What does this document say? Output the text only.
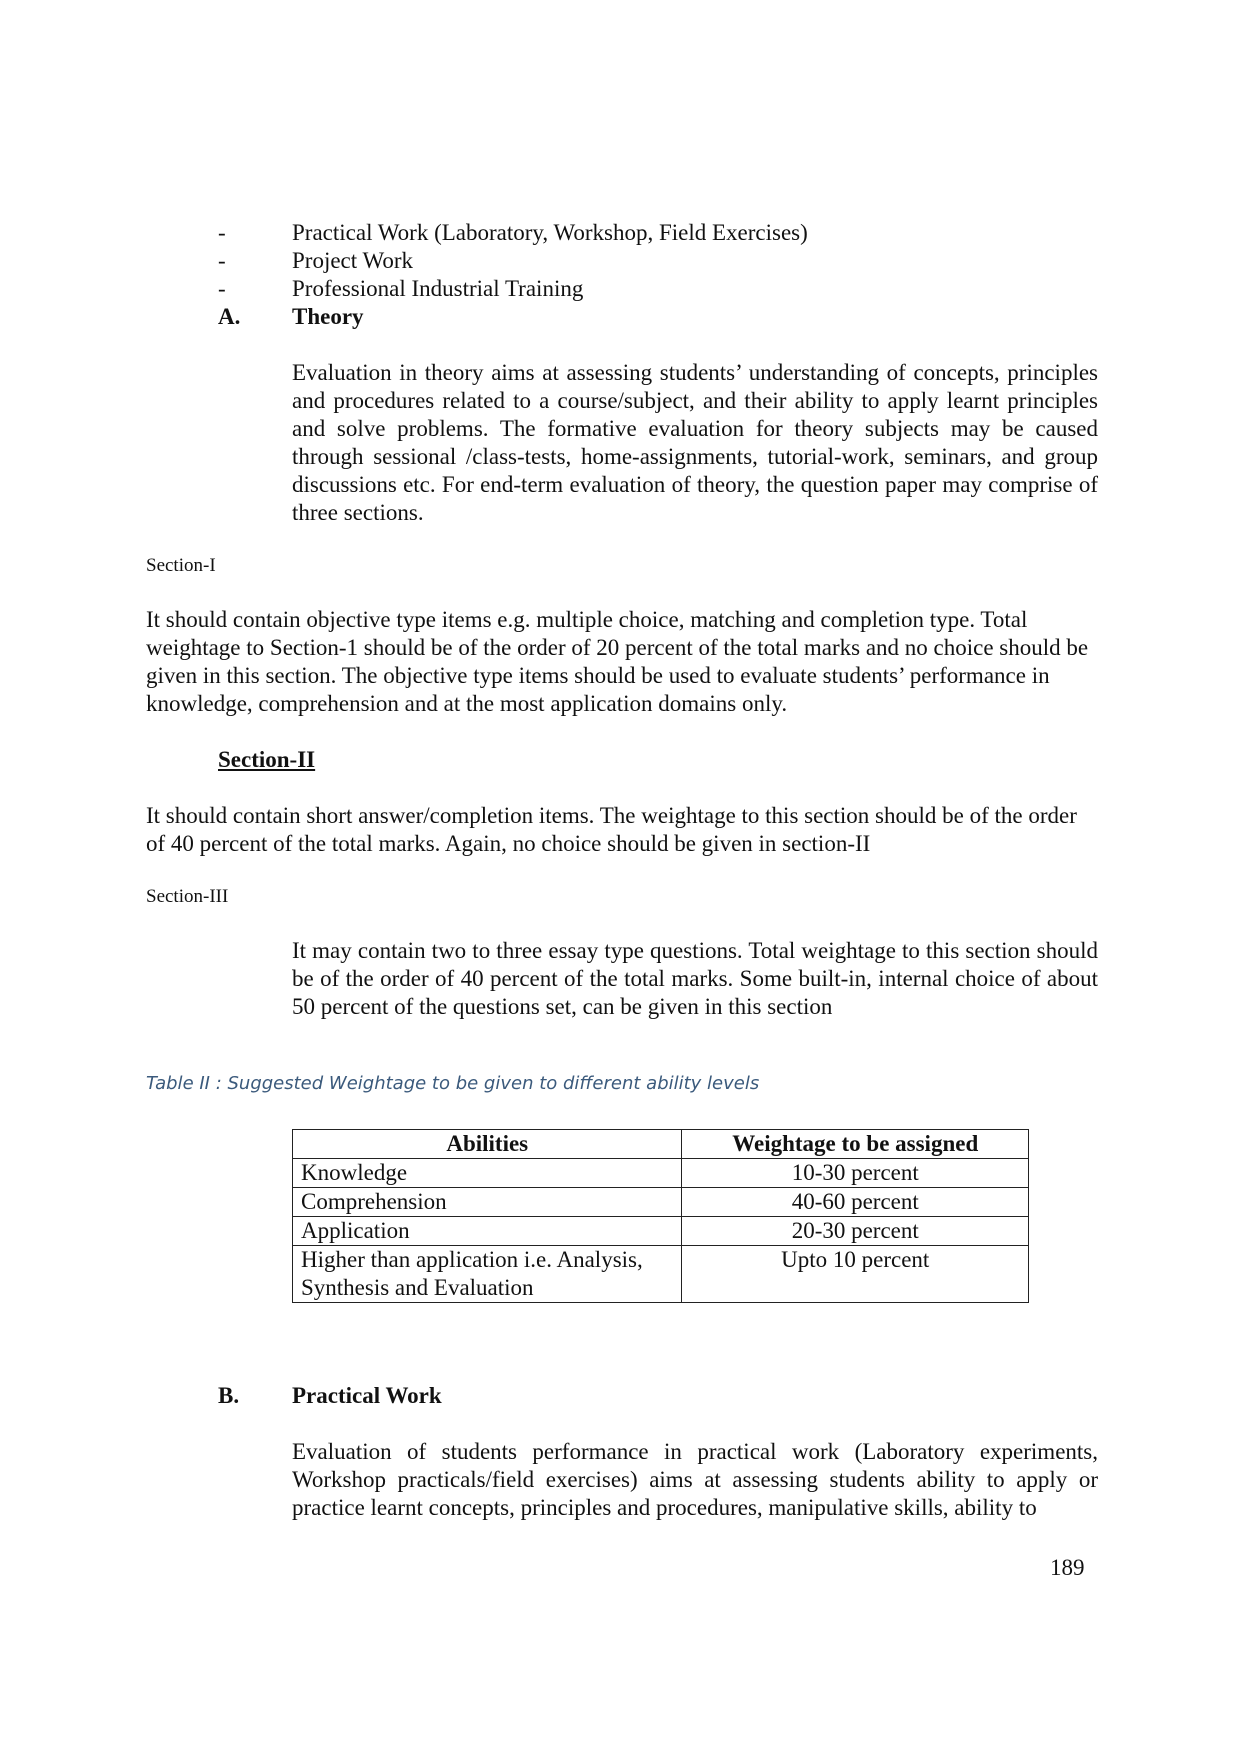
-	Practical Work (Laboratory, Workshop, Field Exercises)
-	Project Work
-	Professional Industrial Training
A. Theory

Evaluation in theory aims at assessing students’ understanding of concepts, principles and procedures related to a course/subject, and their ability to apply learnt principles and solve problems. The formative evaluation for theory subjects may be caused through sessional /class-tests, home-assignments, tutorial-work, seminars, and group discussions etc. For end-term evaluation of theory, the question paper may comprise of three sections.

Section-I

It should contain objective type items e.g. multiple choice, matching and completion type. Total weightage to Section-1 should be of the order of 20 percent of the total marks and no choice should be given in this section. The objective type items should be used to evaluate students’ performance in knowledge, comprehension and at the most application domains only.

Section-II

It should contain short answer/completion items. The weightage to this section should be of the order of 40 percent of the total marks. Again, no choice should be given in section-II

Section-III

It may contain two to three essay type questions. Total weightage to this section should be of the order of 40 percent of the total marks. Some built-in, internal choice of about 50 percent of the questions set, can be given in this section

Table II : Suggested Weightage to be given to different ability levels
Abilities	Weightage to be assigned
Knowledge	10-30 percent
Comprehension	40-60 percent
Application	20-30 percent
Higher than application i.e. Analysis, Synthesis and Evaluation	Upto 10 percent
B. Practical Work

Evaluation of students performance in practical work (Laboratory experiments, Workshop practicals/field exercises) aims at assessing students ability to apply or practice learnt concepts, principles and procedures, manipulative skills, ability to

189
